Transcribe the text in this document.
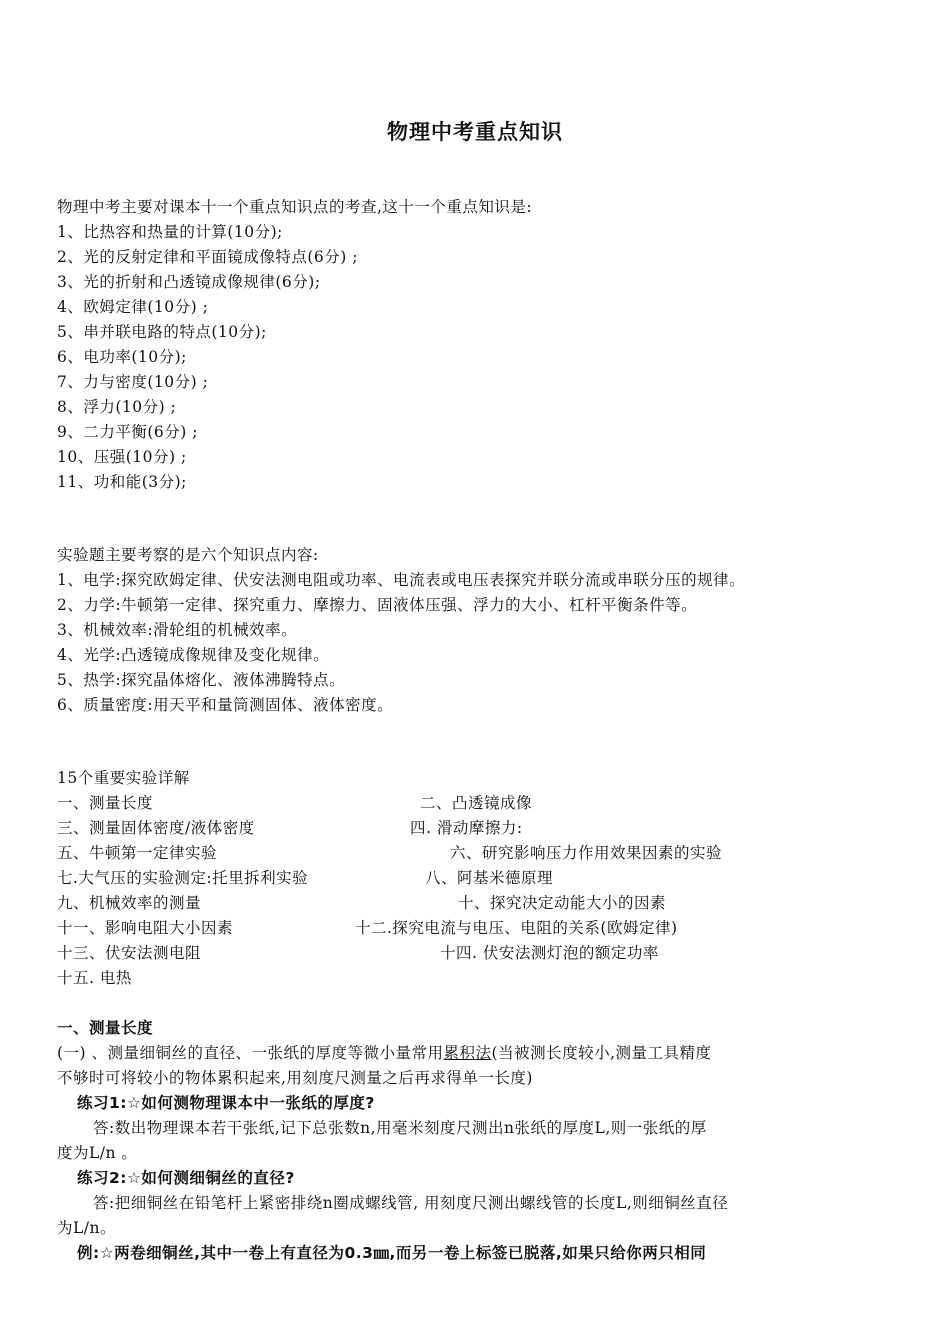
物理中考重点知识
物理中考主要对课本十一个重点知识点的考查,这十一个重点知识是:
1、比热容和热量的计算(10分);
2、光的反射定律和平面镜成像特点(6分) ;
3、光的折射和凸透镜成像规律(6分);
4、欧姆定律(10分) ;
5、串并联电路的特点(10分);
6、电功率(10分);
7、力与密度(10分) ;
8、浮力(10分) ;
9、二力平衡(6分) ;
10、压强(10分) ;
11、功和能(3分);
实验题主要考察的是六个知识点内容:
1、电学:探究欧姆定律、伏安法测电阻或功率、电流表或电压表探究并联分流或串联分压的规律。
2、力学:牛顿第一定律、探究重力、摩擦力、固液体压强、浮力的大小、杠杆平衡条件等。
3、机械效率:滑轮组的机械效率。
4、光学:凸透镜成像规律及变化规律。
5、热学:探究晶体熔化、液体沸腾特点。
6、质量密度:用天平和量筒测固体、液体密度。
15个重要实验详解
一、测量长度	二、凸透镜成像
三、测量固体密度/液体密度	四. 滑动摩擦力:
五、牛顿第一定律实验	六、研究影响压力作用效果因素的实验
七.大气压的实验测定:托里拆利实验	八、阿基米德原理
九、机械效率的测量	十、探究决定动能大小的因素
十一、影响电阻大小因素	十二.探究电流与电压、电阻的关系(欧姆定律)
十三、伏安法测电阻	十四. 伏安法测灯泡的额定功率
十五. 电热
一、测量长度
(一) 、测量细铜丝的直径、一张纸的厚度等微小量常用累积法(当被测长度较小,测量工具精度
不够时可将较小的物体累积起来,用刻度尺测量之后再求得单一长度)
练习1:☆如何测物理课本中一张纸的厚度?
答:数出物理课本若干张纸,记下总张数n,用毫米刻度尺测出n张纸的厚度L,则一张纸的厚
度为L/n 。
练习2:☆如何测细铜丝的直径?
答:把细铜丝在铅笔杆上紧密排绕n圈成螺线管, 用刻度尺测出螺线管的长度L,则细铜丝直径
为L/n。
例:☆两卷细铜丝,其中一卷上有直径为0.3㎜,而另一卷上标签已脱落,如果只给你两只相同
